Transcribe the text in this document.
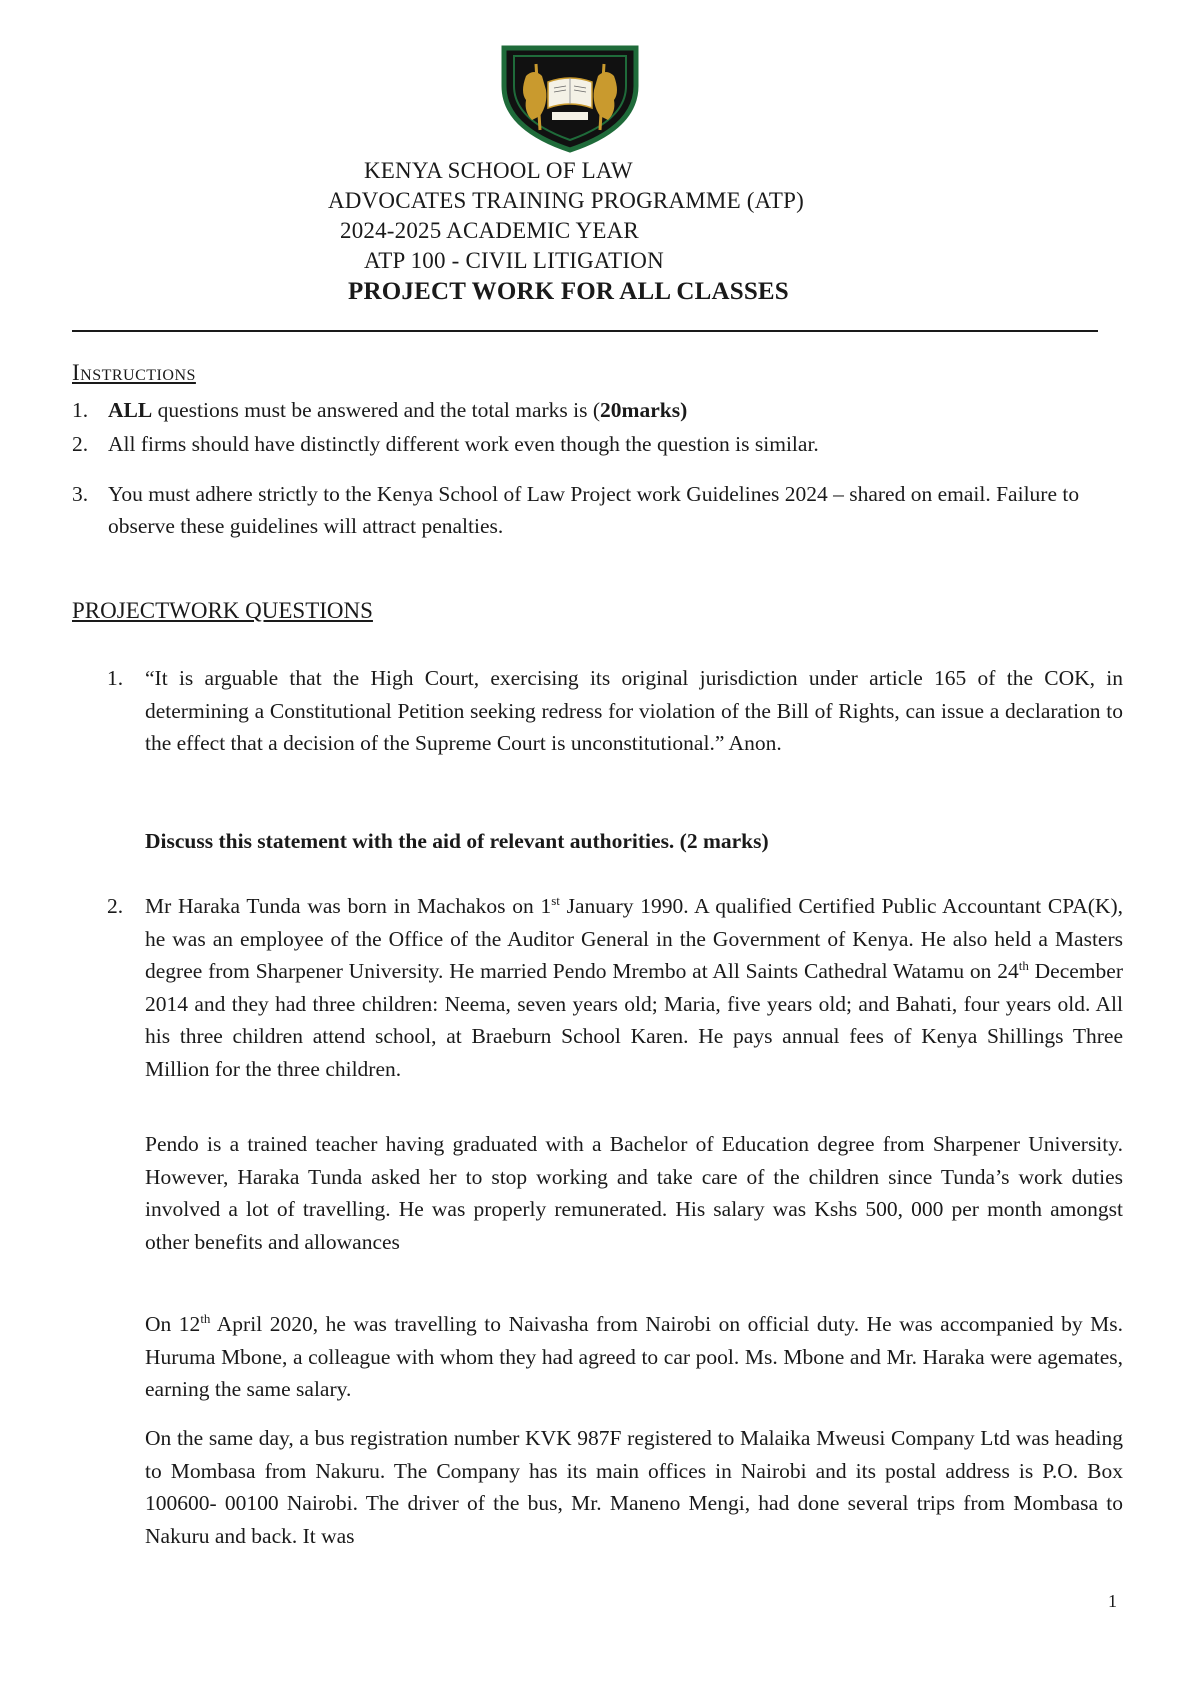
KENYA SCHOOL OF LAW
ADVOCATES TRAINING PROGRAMME (ATP)
2024-2025 ACADEMIC YEAR
ATP 100 - CIVIL LITIGATION
PROJECT WORK FOR ALL CLASSES
Instructions
1. ALL questions must be answered and the total marks is (20marks)
2. All firms should have distinctly different work even though the question is similar.
3. You must adhere strictly to the Kenya School of Law Project work Guidelines 2024 – shared on email. Failure to observe these guidelines will attract penalties.
PROJECTWORK QUESTIONS
1.	“It is arguable that the High Court, exercising its original jurisdiction under article 165 of the COK, in determining a Constitutional Petition seeking redress for violation of the Bill of Rights, can issue a declaration to the effect that a decision of the Supreme Court is unconstitutional.” Anon.
Discuss this statement with the aid of relevant authorities. (2 marks)
2.	Mr Haraka Tunda was born in Machakos on 1st January 1990. A qualified Certified Public Accountant CPA(K), he was an employee of the Office of the Auditor General in the Government of Kenya. He also held a Masters degree from Sharpener University. He married Pendo Mrembo at All Saints Cathedral Watamu on 24th December 2014 and they had three children: Neema, seven years old; Maria, five years old; and Bahati, four years old. All his three children attend school, at Braeburn School Karen. He pays annual fees of Kenya Shillings Three Million for the three children.
Pendo is a trained teacher having graduated with a Bachelor of Education degree from Sharpener University. However, Haraka Tunda asked her to stop working and take care of the children since Tunda’s work duties involved a lot of travelling. He was properly remunerated. His salary was Kshs 500, 000 per month amongst other benefits and allowances
On 12th April 2020, he was travelling to Naivasha from Nairobi on official duty. He was accompanied by Ms. Huruma Mbone, a colleague with whom they had agreed to car pool. Ms. Mbone and Mr. Haraka were agemates, earning the same salary.
On the same day, a bus registration number KVK 987F registered to Malaika Mweusi Company Ltd was heading to Mombasa from Nakuru. The Company has its main offices in Nairobi and its postal address is P.O. Box 100600- 00100 Nairobi. The driver of the bus, Mr. Maneno Mengi, had done several trips from Mombasa to Nakuru and back. It was
1
